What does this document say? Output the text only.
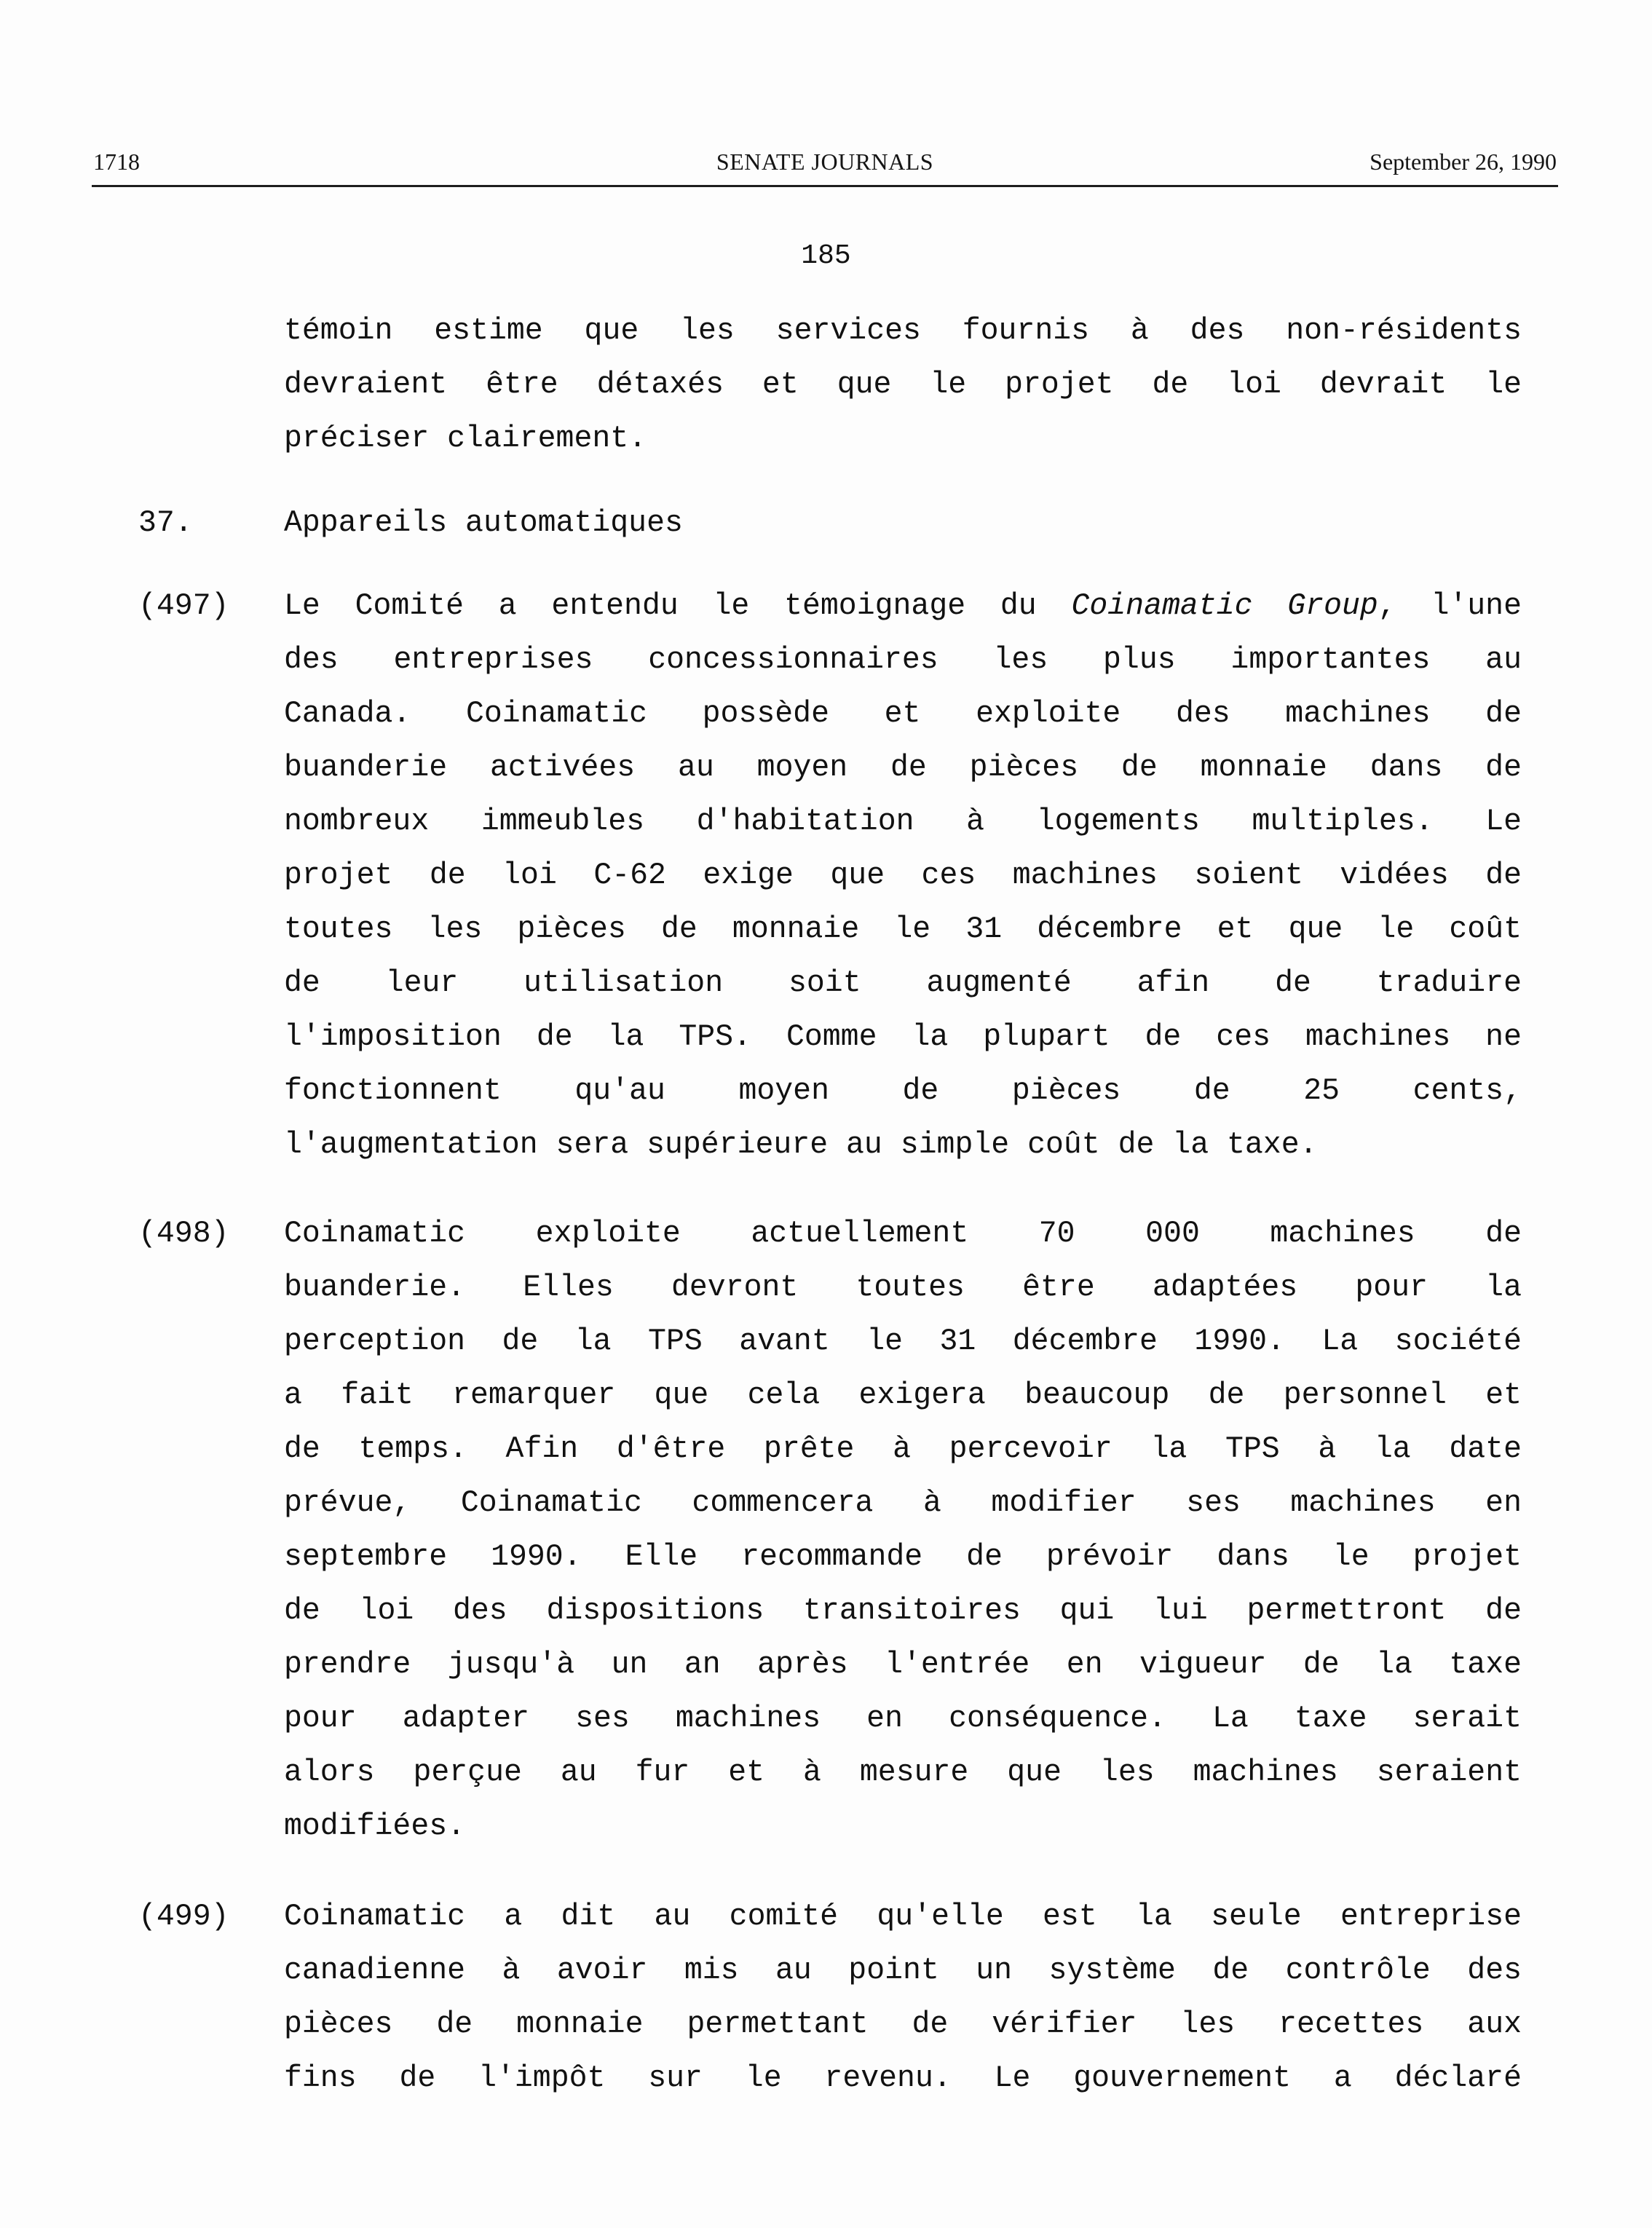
1718	SENATE JOURNALS	September 26, 1990
185
témoin estime que les services fournis à des non-résidents
devraient être détaxés et que le projet de loi devrait le
préciser clairement.
37.	Appareils automatiques
(497) Le Comité a entendu le témoignage du Coinamatic Group, l'une
des entreprises concessionnaires les plus importantes au
Canada. Coinamatic possède et exploite des machines de
buanderie activées au moyen de pièces de monnaie dans de
nombreux immeubles d'habitation à logements multiples. Le
projet de loi C-62 exige que ces machines soient vidées de
toutes les pièces de monnaie le 31 décembre et que le coût
de leur utilisation soit augmenté afin de traduire
l'imposition de la TPS. Comme la plupart de ces machines ne
fonctionnent qu'au moyen de pièces de 25 cents,
l'augmentation sera supérieure au simple coût de la taxe.
(498) Coinamatic exploite actuellement 70 000 machines de
buanderie. Elles devront toutes être adaptées pour la
perception de la TPS avant le 31 décembre 1990. La société
a fait remarquer que cela exigera beaucoup de personnel et
de temps. Afin d'être prête à percevoir la TPS à la date
prévue, Coinamatic commencera à modifier ses machines en
septembre 1990. Elle recommande de prévoir dans le projet
de loi des dispositions transitoires qui lui permettront de
prendre jusqu'à un an après l'entrée en vigueur de la taxe
pour adapter ses machines en conséquence. La taxe serait
alors perçue au fur et à mesure que les machines seraient
modifiées.
(499) Coinamatic a dit au comité qu'elle est la seule entreprise
canadienne à avoir mis au point un système de contrôle des
pièces de monnaie permettant de vérifier les recettes aux
fins de l'impôt sur le revenu. Le gouvernement a déclaré
